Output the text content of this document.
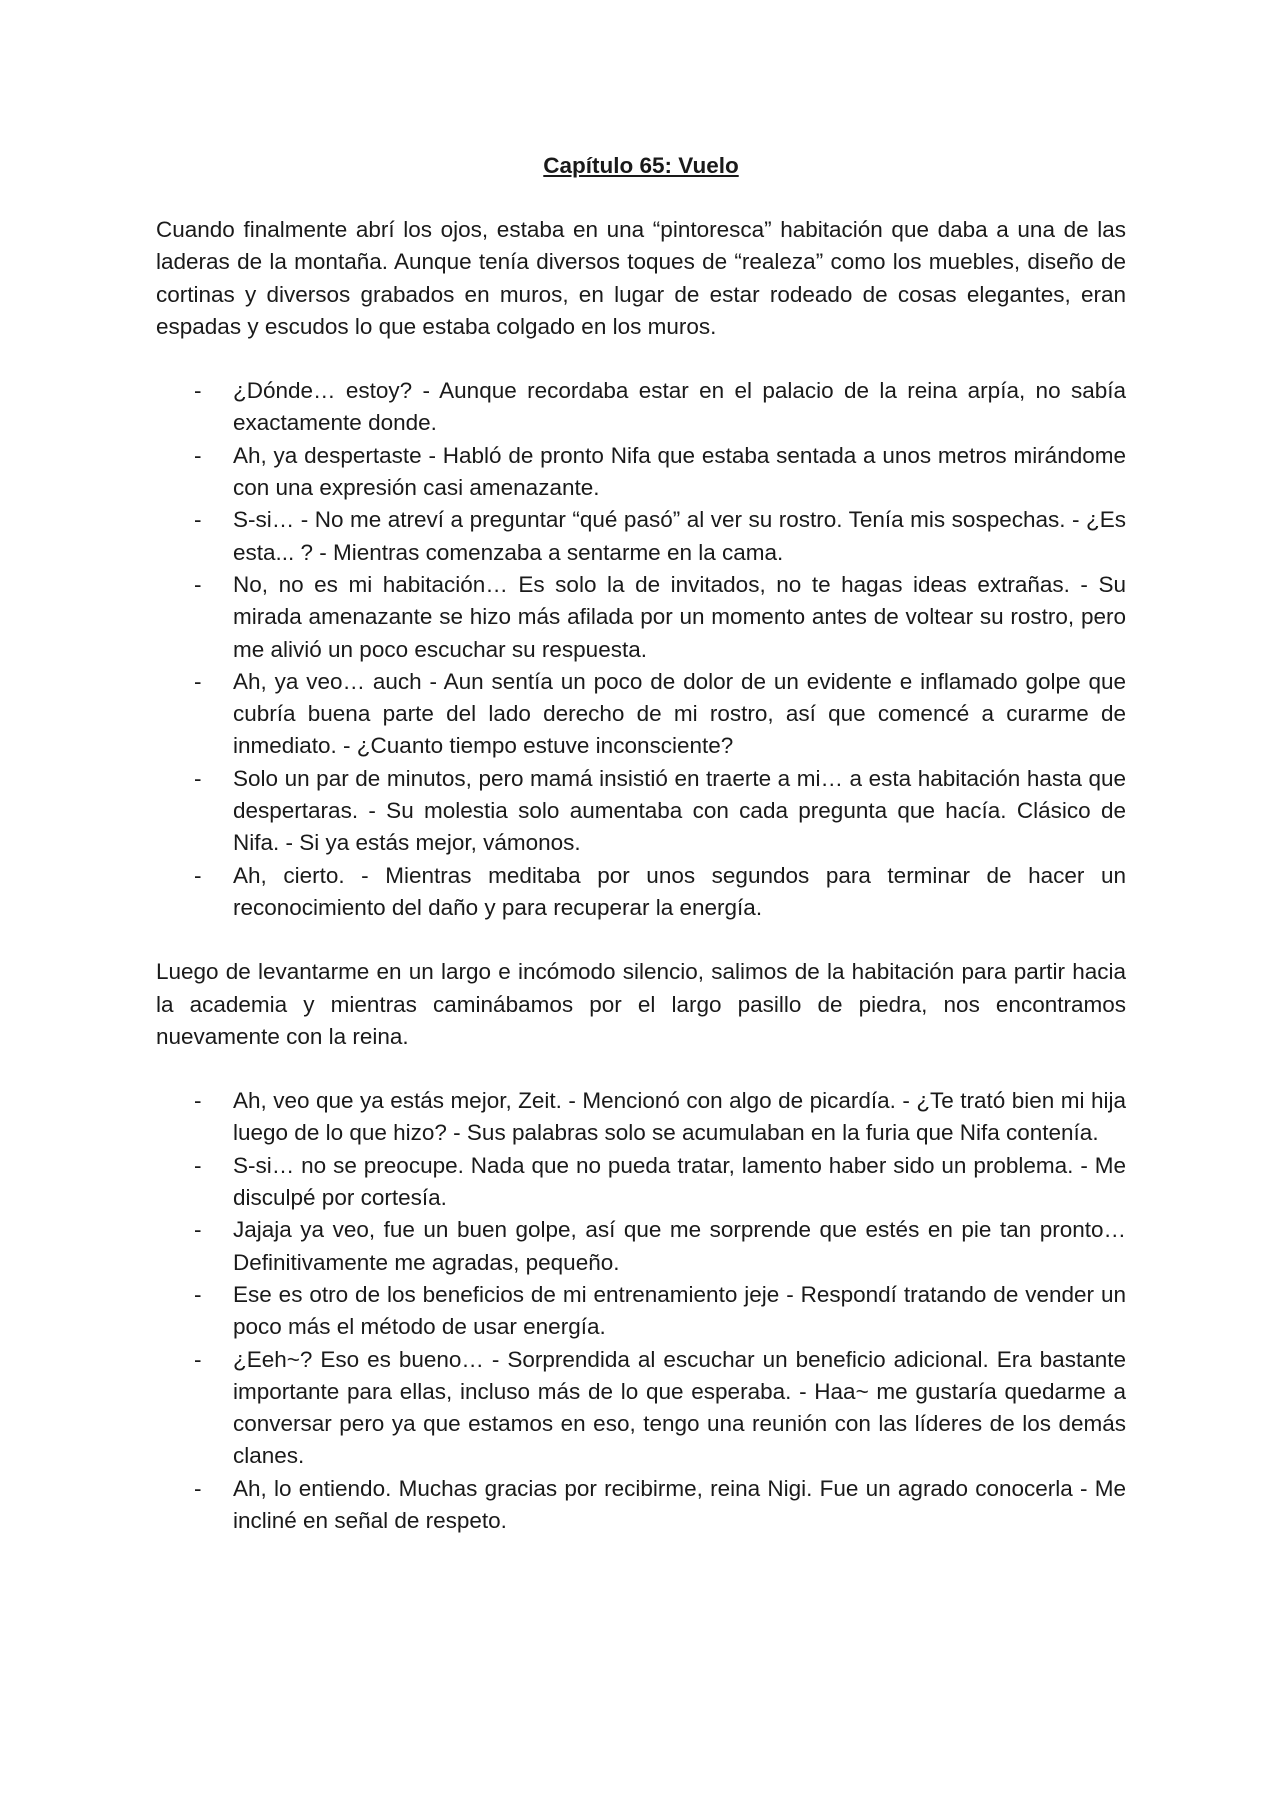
Capítulo 65: Vuelo

Cuando finalmente abrí los ojos, estaba en una “pintoresca” habitación que daba a una de las laderas de la montaña. Aunque tenía diversos toques de “realeza” como los muebles, diseño de cortinas y diversos grabados en muros, en lugar de estar rodeado de cosas elegantes, eran espadas y escudos lo que estaba colgado en los muros.

- ¿Dónde… estoy? - Aunque recordaba estar en el palacio de la reina arpía, no sabía exactamente donde.
- Ah, ya despertaste - Habló de pronto Nifa que estaba sentada a unos metros mirándome con una expresión casi amenazante.
- S-si… - No me atreví a preguntar “qué pasó” al ver su rostro. Tenía mis sospechas. - ¿Es esta... ? - Mientras comenzaba a sentarme en la cama.
- No, no es mi habitación… Es solo la de invitados, no te hagas ideas extrañas. - Su mirada amenazante se hizo más afilada por un momento antes de voltear su rostro, pero me alivió un poco escuchar su respuesta.
- Ah, ya veo… auch - Aun sentía un poco de dolor de un evidente e inflamado golpe que cubría buena parte del lado derecho de mi rostro, así que comencé a curarme de inmediato. - ¿Cuanto tiempo estuve inconsciente?
- Solo un par de minutos, pero mamá insistió en traerte a mi… a esta habitación hasta que despertaras. - Su molestia solo aumentaba con cada pregunta que hacía. Clásico de Nifa. - Si ya estás mejor, vámonos.
- Ah, cierto. - Mientras meditaba por unos segundos para terminar de hacer un reconocimiento del daño y para recuperar la energía.

Luego de levantarme en un largo e incómodo silencio, salimos de la habitación para partir hacia la academia y mientras caminábamos por el largo pasillo de piedra, nos encontramos nuevamente con la reina.

- Ah, veo que ya estás mejor, Zeit. - Mencionó con algo de picardía. - ¿Te trató bien mi hija luego de lo que hizo? - Sus palabras solo se acumulaban en la furia que Nifa contenía.
- S-si… no se preocupe. Nada que no pueda tratar, lamento haber sido un problema. - Me disculpé por cortesía.
- Jajaja ya veo, fue un buen golpe, así que me sorprende que estés en pie tan pronto… Definitivamente me agradas, pequeño.
- Ese es otro de los beneficios de mi entrenamiento jeje - Respondí tratando de vender un poco más el método de usar energía.
- ¿Eeh~? Eso es bueno… - Sorprendida al escuchar un beneficio adicional. Era bastante importante para ellas, incluso más de lo que esperaba. - Haa~ me gustaría quedarme a conversar pero ya que estamos en eso, tengo una reunión con las líderes de los demás clanes.
- Ah, lo entiendo. Muchas gracias por recibirme, reina Nigi. Fue un agrado conocerla - Me incliné en señal de respeto.
